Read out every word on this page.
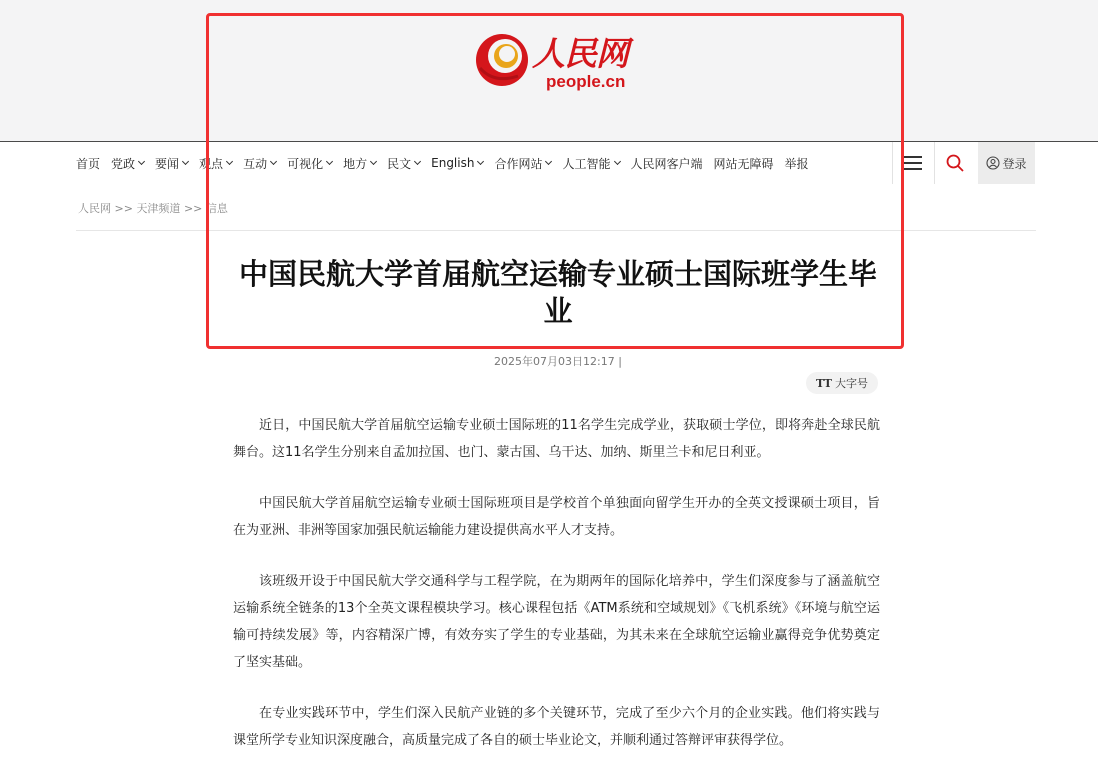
人民网
people.cn
首页 党政 要闻 观点 互动 可视化 地方 民文 English 合作网站 人工智能 人民网客户端 网站无障碍 举报	登录
人民网 >> 天津频道 >> 信息
中国民航大学首届航空运输专业硕士国际班学生毕业
2025年07月03日12:17 |
TT 大字号

近日，中国民航大学首届航空运输专业硕士国际班的11名学生完成学业，获取硕士学位，即将奔赴全球民航舞台。这11名学生分别来自孟加拉国、也门、蒙古国、乌干达、加纳、斯里兰卡和尼日利亚。

中国民航大学首届航空运输专业硕士国际班项目是学校首个单独面向留学生开办的全英文授课硕士项目，旨在为亚洲、非洲等国家加强民航运输能力建设提供高水平人才支持。

该班级开设于中国民航大学交通科学与工程学院，在为期两年的国际化培养中，学生们深度参与了涵盖航空运输系统全链条的13个全英文课程模块学习。核心课程包括《ATM系统和空域规划》《飞机系统》《环境与航空运输可持续发展》等，内容精深广博，有效夯实了学生的专业基础，为其未来在全球航空运输业赢得竞争优势奠定了坚实基础。

在专业实践环节中，学生们深入民航产业链的多个关键环节，完成了至少六个月的企业实践。他们将实践与课堂所学专业知识深度融合，高质量完成了各自的硕士毕业论文，并顺利通过答辩评审获得学位。
